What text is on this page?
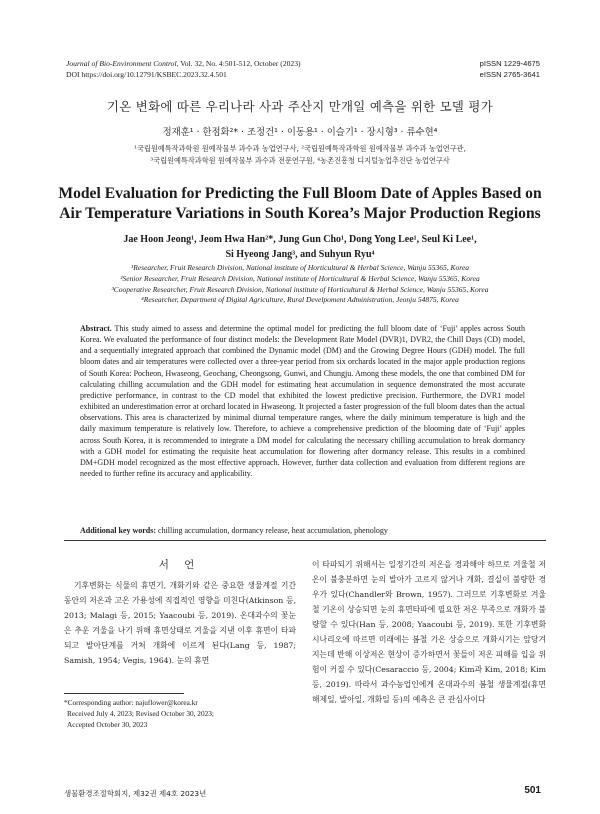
Journal of Bio-Environment Control, Vol. 32, No. 4:501-512, October (2023)
DOI https://doi.org/10.12791/KSBEC.2023.32.4.501
pISSN 1229-4675
eISSN 2765-3641
기온 변화에 따른 우리나라 사과 주산지 만개일 예측을 위한 모델 평가
정재훈¹ · 한점화²* · 조정건¹ · 이동용¹ · 이슬기¹ · 장시형³ · 류수현⁴
¹국립원예특작과학원 원예작물부 과수과 농업연구사, ²국립원예특작과학원 원예작물부 과수과 농업연구관,
³국립원예특작과학원 원예작물부 과수과 전문연구원, ⁴농촌진흥청 디지털농업추진단 농업연구사
Model Evaluation for Predicting the Full Bloom Date of Apples Based on
Air Temperature Variations in South Korea’s Major Production Regions
Jae Hoon Jeong¹, Jeom Hwa Han²*, Jung Gun Cho¹, Dong Yong Lee¹, Seul Ki Lee¹,
Si Hyeong Jang³, and Suhyun Ryu⁴
¹Researcher, Fruit Research Division, National institute of Horticultural & Herbal Science, Wanju 55365, Korea
²Senior Researcher, Fruit Research Division, National institute of Horticultural & Herbal Science, Wanju 55365, Korea
³Cooperative Researcher, Fruit Research Division, National institute of Horticultural & Herbal Science, Wanju 55365, Korea
⁴Researcher, Department of Digital Agriculture, Rural Develpoment Administration, Jeonju 54875, Korea
Abstract. This study aimed to assess and determine the optimal model for predicting the full bloom date of ‘Fuji’ apples across South Korea. We evaluated the performance of four distinct models: the Development Rate Model (DVR)1, DVR2, the Chill Days (CD) model, and a sequentially integrated approach that combined the Dynamic model (DM) and the Growing Degree Hours (GDH) model. The full bloom dates and air temperatures were collected over a three-year period from six orchards located in the major apple production regions of South Korea: Pocheon, Hwaseong, Geochang, Cheongsong, Gunwi, and Chungju. Among these models, the one that combined DM for calculating chilling accumulation and the GDH model for estimating heat accumulation in sequence demonstrated the most accurate predictive performance, in contrast to the CD model that exhibited the lowest predictive precision. Furthermore, the DVR1 model exhibited an underestimation error at orchard located in Hwaseong. It projected a faster progression of the full bloom dates than the actual observations. This area is characterized by minimal diurnal temperature ranges, where the daily minimum temperature is high and the daily maximum temperature is relatively low. Therefore, to achieve a comprehensive prediction of the blooming date of ‘Fuji’ apples across South Korea, it is recommended to integrate a DM model for calculating the necessary chilling accumulation to break dormancy with a GDH model for estimating the requisite heat accumulation for flowering after dormancy release. This results in a combined DM+GDH model recognized as the most effective approach. However, further data collection and evaluation from different regions are needed to further refine its accuracy and applicability.
Additional key words: chilling accumulation, dormancy release, heat accumulation, phenology
서 언
기후변화는 식물의 휴면기, 개화기와 같은 중요한 생물계절 기간 동안의 저온과 고온 가용성에 직접적인 영향을 미친다(Atkinson 등, 2013; Malagi 등, 2015; Yaacoubi 등, 2019). 온대과수의 꽃눈은 추운 겨울을 나기 위해 휴면상태로 겨울을 지낸 이후 휴면이 타파되고 발아단계를 거쳐 개화에 이르게 된다(Lang 등, 1987; Samish, 1954; Vegis, 1964). 눈의 휴면
이 타파되기 위해서는 일정기간의 저온을 경과해야 하므로 겨울철 저온이 불충분하면 눈의 발아가 고르지 않거나 개화, 결실이 불량한 경우가 있다(Chandler와 Brown, 1957). 그러므로 기후변화로 겨울철 기온이 상승되면 눈의 휴면타파에 필요한 저온 부족으로 개화가 불량할 수 있다(Han 등, 2008; Yaacoubi 등, 2019). 또한 기후변화 시나리오에 따르면 미래에는 봄철 기온 상승으로 개화시기는 앞당겨 지는데 반해 이상저온 현상이 증가하면서 꽃들이 저온 피해를 입을 위험이 커질 수 있다(Cesaraccio 등, 2004; Kim과 Kim, 2018; Kim 등, 2019). 따라서 과수농업인에게 온대과수의 봄철 생물계절(휴면해제일, 발아일, 개화일 등)의 예측은 큰 관심사이다
*Corresponding author: najuflower@korea.kr
Received July 4, 2023; Revised October 30, 2023;
Accepted October 30, 2023
생물환경조절학회지, 제32권 제4호 2023년	501
